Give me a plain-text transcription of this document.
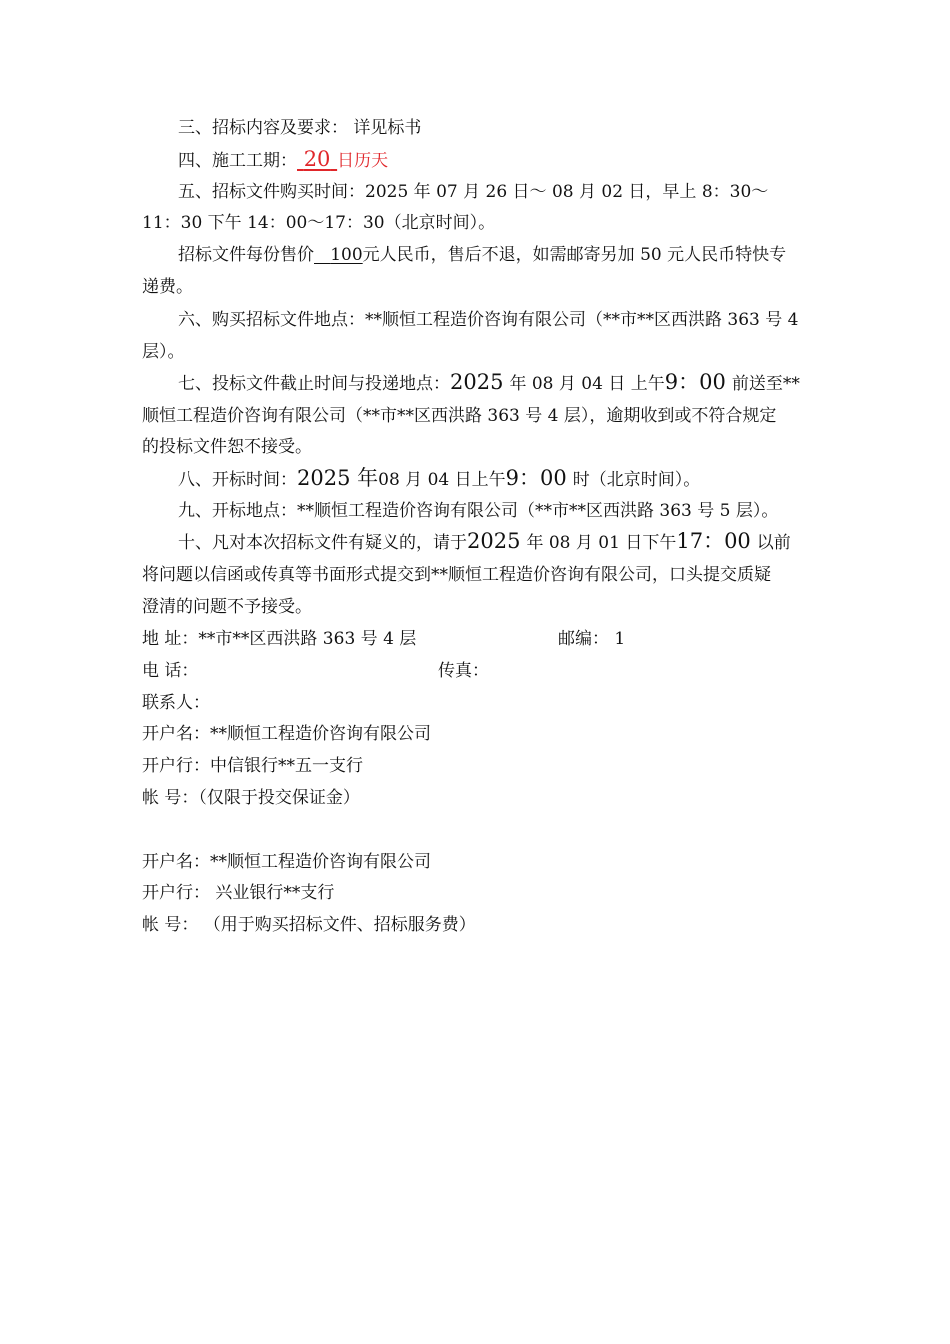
三、招标内容及要求： 详见标书
四、施工工期： 20 日历天
五、招标文件购买时间：2025 年 07 月 26 日～ 08 月 02 日，早上 8：30～
11：30 下午 14：00～17：30（北京时间）。
招标文件每份售价 100元人民币，售后不退，如需邮寄另加 50 元人民币特快专
递费。
六、购买招标文件地点：**顺恒工程造价咨询有限公司（**市**区西洪路 363 号 4
层）。
七、投标文件截止时间与投递地点：2025 年 08 月 04 日 上午9：00 前送至**
顺恒工程造价咨询有限公司（**市**区西洪路 363 号 4 层），逾期收到或不符合规定
的投标文件恕不接受。
八、开标时间：2025 年08 月 04 日上午9：00 时（北京时间）。
九、开标地点：**顺恒工程造价咨询有限公司（**市**区西洪路 363 号 5 层）。
十、凡对本次招标文件有疑义的，请于2025 年 08 月 01 日下午17：00 以前
将问题以信函或传真等书面形式提交到**顺恒工程造价咨询有限公司，口头提交质疑
澄清的问题不予接受。
地 址：**市**区西洪路 363 号 4 层	邮编： 1
电 话：	传真：
联系人：
开户名：**顺恒工程造价咨询有限公司
开户行：中信银行**五一支行
帐 号：（仅限于投交保证金）
开户名：**顺恒工程造价咨询有限公司
开户行： 兴业银行**支行
帐 号： （用于购买招标文件、招标服务费）
